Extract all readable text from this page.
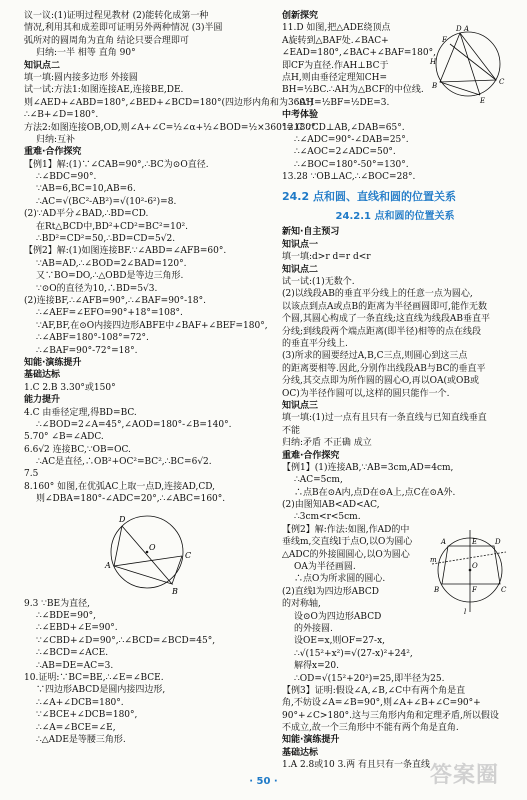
议一议:(1)证明过程见教材 (2)能转化成第一种
情况,利用其和成差即可证明另外两种情况 (3)半圆
弧所对的圆周角为直角 结论只要合理即可
归纳:一半 相等 直角 90°
知识点二
填一填:圆内接多边形 外接圆
试一试:方法1:如图连接AE,连接BE,DE.
则∠AED+∠ABD=180°,∠BED+∠BCD=180°(四边形内角和为360°)
∴∠B+∠D=180°.
方法2:如图连接OB,OD,则∠A+∠C=½∠α+½∠BOD=½×360°=180°.
归纳:互补
重难·合作探究
【例1】解:(1)∵∠CAB=90°,∴BC为⊙O直径.
∴∠BDC=90°.
∵AB=6,BC=10,AB=6.
∴AC=√(BC²-AB²)=√(10²-6²)=8.
(2)∵AD平分∠BAD,∴BD=CD.
在Rt△BCD中,BD²+CD²=BC²=10².
∴BD²=CD²=50,∴BD=CD=5√2.
【例2】解:(1)如图连接BF.∵∠ABD=∠AFB=60°.
∵AB=AD,∴∠BOD=2∠BAD=120°.
又∵BO=DO,∴△OBD是等边三角形.
∵⊙O的直径为10,∴BD=5√3.
(2)连接BF,∴∠AFB=90°,∴∠BAF=90°-18°.
∴∠AEF=∠EFO=90°+18°=108°.
∵AF,BF,在⊙O内接四边形ABFE中∠BAF+∠BEF=180°,
∴∠ABF=180°-108°=72°.
∴∠BAF=90°-72°=18°.
知能·演练提升
基础达标
1.C 2.B 3.30°或150°
能力提升
4.C 由垂径定理,得BD=BC.
∴∠BOD=2∠A=45°,∠AOD=180°-∠B=140°.
5.70° ∠B=∠ADC.
6.6√2 连接BC,∵OB=OC.
∴AC是直径,∴OB²+OC²=BC²,∴BC=6√2.
7.5
8.160° 如图,在优弧AC上取一点D,连接AD,CD,
则∠DBA=180°-∠ADC=20°,∴∠ABC=160°.
D
A
O
C
B
9.3 ∵BE为直径,
∴∠BDE=90°,
∴∠EBD+∠E=90°.
∵∠CBD+∠D=90°,∴∠BCD=∠BCD=45°,
∴∠BCD=∠ACE.
∴AB=DE=AC=3.
10.证明:∵BC=BE,∴∠E=∠BCE.
∵四边形ABCD是圆内接四边形,
∴∠A+∠DCB=180°.
∵∠BCE+∠DCB=180°,
∴∠A=∠BCE=∠E,
∴△ADE是等腰三角形.
D A
F
H
B	C
E
创新探究
11.D 如图,把△ADE绕顶点
A旋转到△BAF处.∠BAC+
∠EAD=180°,∠BAC+∠BAF=180°,
即CF为直径.作AH⊥BC于
点H,则由垂径定理知CH=
BH=½BC.∴AH为△BCF的中位线.
∴AH=½BF=½DE=3.
中考体验
12.C ∵CD⊥AB,∠DAB=65°.
∴∠ADC=90°-∠DAB=25°.
∴∠AOC=2∠ADC=50°.
∴∠BOC=180°-50°=130°.
13.28 ∵OB⊥AC,∴∠BOC=28°.
24.2 点和圆、直线和圆的位置关系
24.2.1 点和圆的位置关系
新知·自主预习
知识点一
填一填:d>r d=r d<r
知识点二
试一试:(1)无数个.
(2)以线段AB的垂直平分线上的任意一点为圆心,
以该点到点A或点B的距离为半径画圆即可,能作无数
个圆,其圆心构成了一条直线;这直线为线段AB垂直平
分线;到线段两个端点距离(即半径)相等的点在线段
的垂直平分线上.
(3)所求的圆要经过A,B,C三点,则圆心到这三点
的距离要相等.因此,分别作出线段AB与BC的垂直平
分线,其交点即为所作圆的圆心O,再以OA(或OB或
OC)为半径作圆可以,这样的圆只能作一个.
知识点三
填一填:(1)过一点有且只有一条直线与已知直线垂直
不能
归纳:矛盾 不正确 成立
重难·合作探究
【例1】(1)连接AB,∵AB=3cm,AD=4cm,
∴AC=5cm,
∴点B在⊙A内,点D在⊙A上,点C在⊙A外.
(2)由图知AB<AD<AC,
∴3cm<r<5cm.
A	D
C
O
E
F
B
m
l
【例2】解:作法:如图,作AD的中
垂线m,交直线l于点O,以O为圆心
△ADC的外接圆圆心,以O为圆心
OA为半径画圆.
∴点O为所求圆的圆心.
(2)直线l为四边形ABCD
的对称轴,
设⊙O为四边形ABCD
的外接圆.
设OE=x,则OF=27-x,
∴√(15²+x²)=√(27-x)²+24²,
解得x=20.
∴OD=√(15²+20²)=25,即半径为25.
【例3】证明:假设∠A,∠B,∠C中有两个角是直
角,不妨设∠A=∠B=90°,则∠A+∠B+∠C=90°+
90°+∠C>180°.这与三角形内角和定理矛盾,所以假设
不成立,故一个三角形中不能有两个角是直角.
知能·演练提升
基础达标
1.A 2.8或10 3.两 有且只有一条直线
· 50 ·	答案圈
